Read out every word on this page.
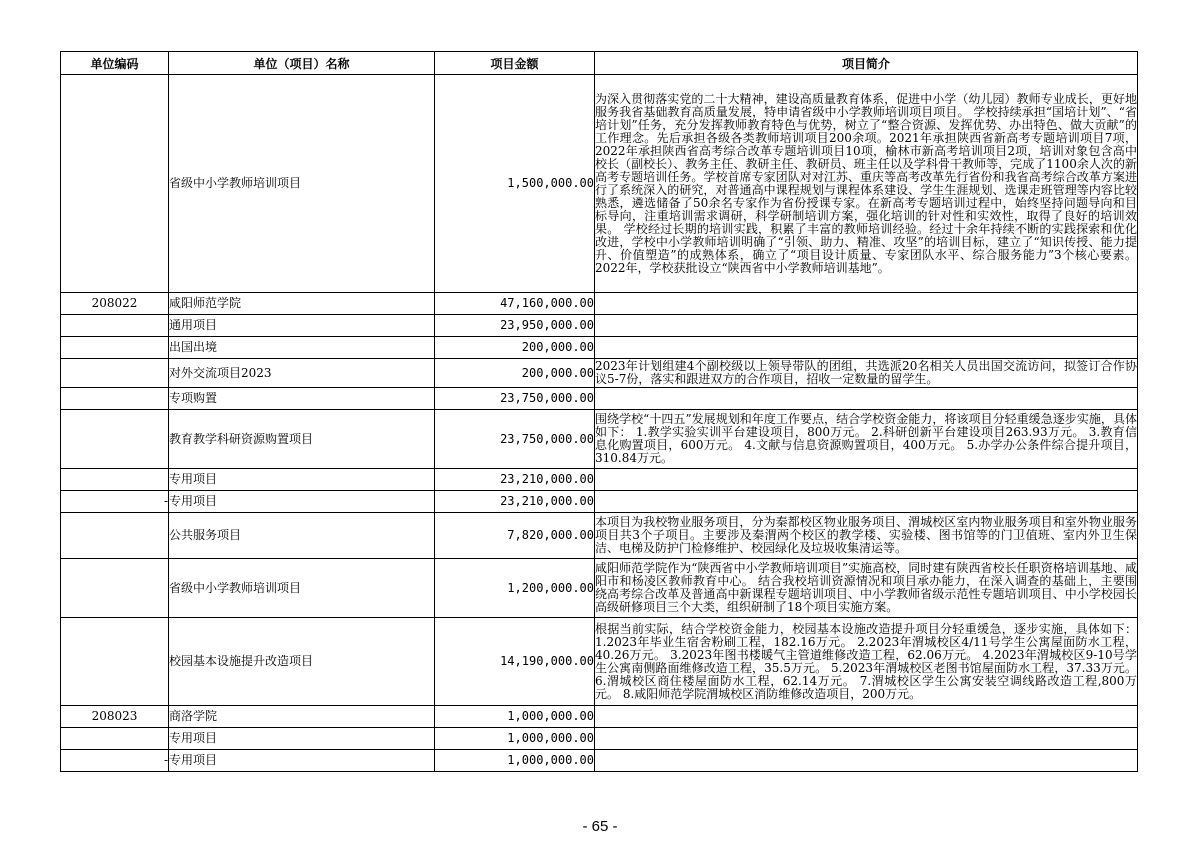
单位编码	单位（项目）名称	项目金额	项目简介
	省级中小学教师培训项目	1,500,000.00	为深入贯彻落实党的二十大精神，建设高质量教育体系，促进中小学（幼儿园）教师专业成长，更好地服务我省基础教育高质量发展，特申请省级中小学教师培训项目项目。 学校持续承担“国培计划”、“省培计划”任务，充分发挥教师教育特色与优势，树立了“整合资源、发挥优势、办出特色、做大贡献”的工作理念。先后承担各级各类教师培训项目200余项。2021年承担陕西省新高考专题培训项目7项，2022年承担陕西省高考综合改革专题培训项目10项，榆林市新高考培训项目2项，培训对象包含高中校长（副校长）、教务主任、教研主任、教研员、班主任以及学科骨干教师等，完成了1100余人次的新高考专题培训任务。学校首席专家团队对对江苏、重庆等高考改革先行省份和我省高考综合改革方案进行了系统深入的研究，对普通高中课程规划与课程体系建设、学生生涯规划、选课走班管理等内容比较熟悉，遴选储备了50余名专家作为省份授课专家。在新高考专题培训过程中，始终坚持问题导向和目标导向，注重培训需求调研，科学研制培训方案，强化培训的针对性和实效性，取得了良好的培训效果。 学校经过长期的培训实践，积累了丰富的教师培训经验。经过十余年持续不断的实践探索和优化改进，学校中小学教师培训明确了“引领、助力、精准、攻坚”的培训目标，建立了“知识传授、能力提升、价值塑造”的成熟体系，确立了“项目设计质量、专家团队水平、综合服务能力”3个核心要素。 2022年，学校获批设立“陕西省中小学教师培训基地”。
208022	咸阳师范学院	47,160,000.00	
	通用项目	23,950,000.00	
	出国出境	200,000.00	
	对外交流项目2023	200,000.00	2023年计划组建4个副校级以上领导带队的团组，共选派20名相关人员出国交流访问，拟签订合作协议5-7份，落实和跟进双方的合作项目，招收一定数量的留学生。
	专项购置	23,750,000.00	
	教育教学科研资源购置项目	23,750,000.00	围绕学校“十四五”发展规划和年度工作要点，结合学校资金能力，将该项目分轻重缓急逐步实施，具体如下： 1.教学实验实训平台建设项目，800万元。 2.科研创新平台建设项目263.93万元。 3.教育信息化购置项目，600万元。 4.文献与信息资源购置项目，400万元。 5.办学办公条件综合提升项目，310.84万元。
	专用项目	23,210,000.00	
-	专用项目	23,210,000.00	
	公共服务项目	7,820,000.00	本项目为我校物业服务项目，分为秦都校区物业服务项目、渭城校区室内物业服务项目和室外物业服务项目共3个子项目。主要涉及秦渭两个校区的教学楼、实验楼、图书馆等的门卫值班、室内外卫生保洁、电梯及防护门检修维护、校园绿化及垃圾收集清运等。
	省级中小学教师培训项目	1,200,000.00	咸阳师范学院作为“陕西省中小学教师培训项目”实施高校，同时建有陕西省校长任职资格培训基地、咸阳市和杨凌区教师教育中心。 结合我校培训资源情况和项目承办能力，在深入调查的基础上，主要围绕高考综合改革及普通高中新课程专题培训项目、中小学教师省级示范性专题培训项目、中小学校园长高级研修项目三个大类，组织研制了18个项目实施方案。
	校园基本设施提升改造项目	14,190,000.00	根据当前实际，结合学校资金能力，校园基本设施改造提升项目分轻重缓急，逐步实施，具体如下： 1.2023年毕业生宿舍粉刷工程，182.16万元。 2.2023年渭城校区4/11号学生公寓屋面防水工程，40.26万元。 3.2023年图书楼暖气主管道维修改造工程，62.06万元。 4.2023年渭城校区9-10号学生公寓南侧路面维修改造工程，35.5万元。 5.2023年渭城校区老图书馆屋面防水工程，37.33万元。 6.渭城校区商住楼屋面防水工程，62.14万元。 7.渭城校区学生公寓安装空调线路改造工程,800万元。 8.咸阳师范学院渭城校区消防维修改造项目，200万元。
208023	商洛学院	1,000,000.00	
	专用项目	1,000,000.00	
-	专用项目	1,000,000.00	
- 65 -
